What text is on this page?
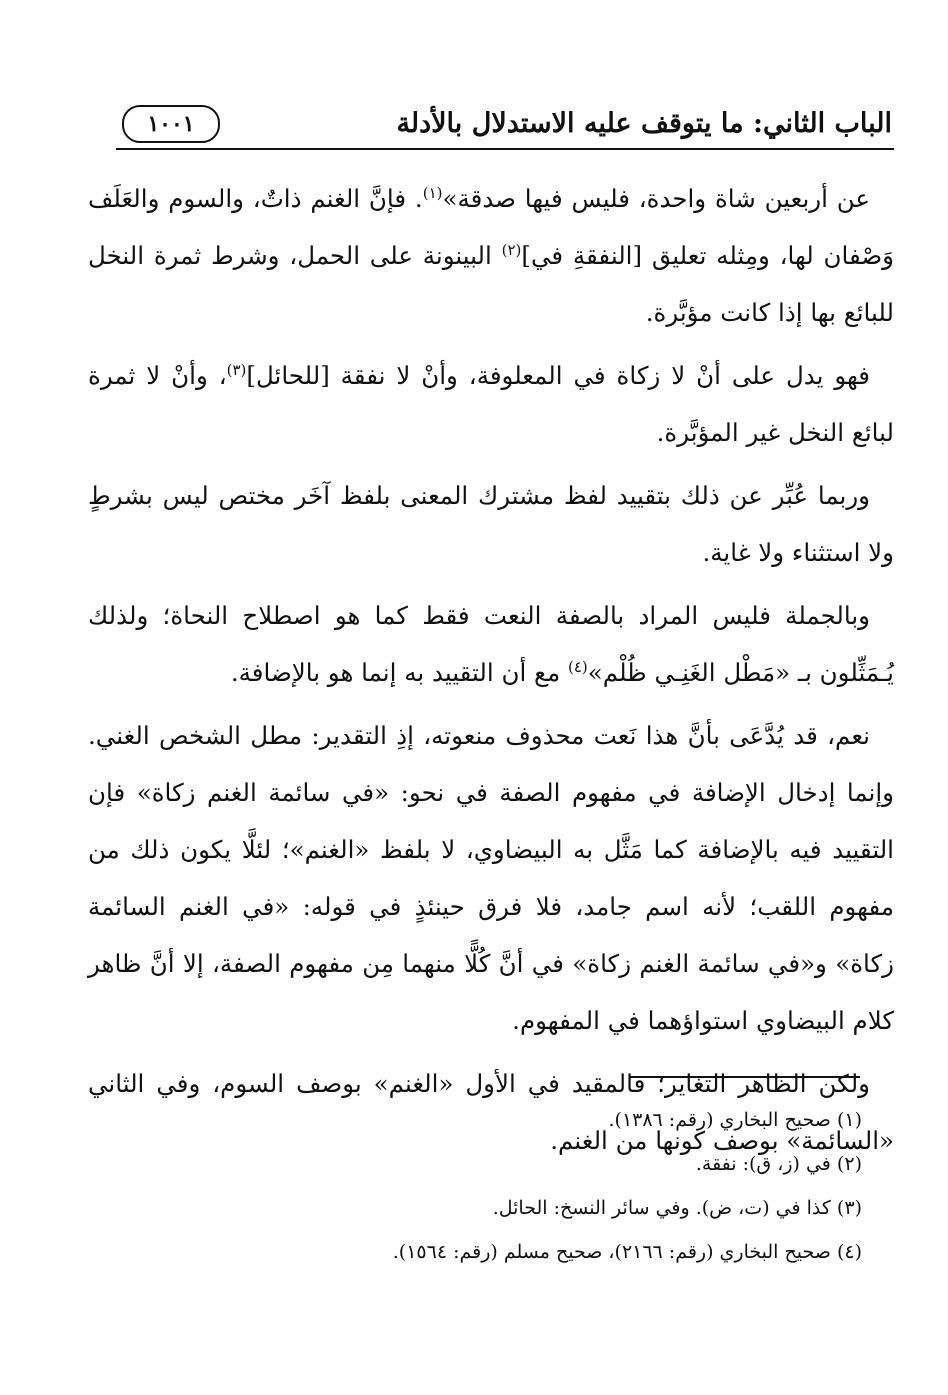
الباب الثاني: ما يتوقف عليه الاستدلال بالأدلة
١٠٠١

عن أربعين شاة واحدة، فليس فيها صدقة»$^{(١)}$. فإنَّ الغنم ذاتٌ، والسوم والعَلَف وَصْفان لها، ومِثله تعليق [النفقةِ في]$^{(٢)}$ البينونة على الحمل، وشرط ثمرة النخل للبائع بها إذا كانت مؤبَّرة.

فهو يدل على أنْ لا زكاة في المعلوفة، وأنْ لا نفقة [للحائل]$^{(٣)}$، وأنْ لا ثمرة لبائع النخل غير المؤبَّرة.

وربما عُبِّر عن ذلك بتقييد لفظ مشترك المعنى بلفظ آخَر مختص ليس بشرطٍ ولا استثناء ولا غاية.

وبالجملة فليس المراد بالصفة النعت فقط كما هو اصطلاح النحاة؛ ولذلك يُـمَثِّلون بـ «مَطْل الغَنِـي ظُلْم»$^{(٤)}$ مع أن التقييد به إنما هو بالإضافة.

نعم، قد يُدَّعَى بأنَّ هذا نَعت محذوف منعوته، إذِ التقدير: مطل الشخص الغني. وإنما إدخال الإضافة في مفهوم الصفة في نحو: «في سائمة الغنم زكاة» فإن التقييد فيه بالإضافة كما مَثَّل به البيضاوي، لا بلفظ «الغنم»؛ لئلَّا يكون ذلك من مفهوم اللقب؛ لأنه اسم جامد، فلا فرق حينئذٍ في قوله: «في الغنم السائمة زكاة» و«في سائمة الغنم زكاة» في أنَّ كُلًّا منهما مِن مفهوم الصفة، إلا أنَّ ظاهر كلام البيضاوي استواؤهما في المفهوم.

ولكن الظاهر التغاير؛ فالمقيد في الأول «الغنم» بوصف السوم، وفي الثاني «السائمة» بوصف كونها من الغنم.

(١) صحيح البخاري (رقم: ١٣٨٦).
(٢) في (ز، ق): نفقة.
(٣) كذا في (ت، ض). وفي سائر النسخ: الحائل.
(٤) صحيح البخاري (رقم: ٢١٦٦)، صحيح مسلم (رقم: ١٥٦٤).
